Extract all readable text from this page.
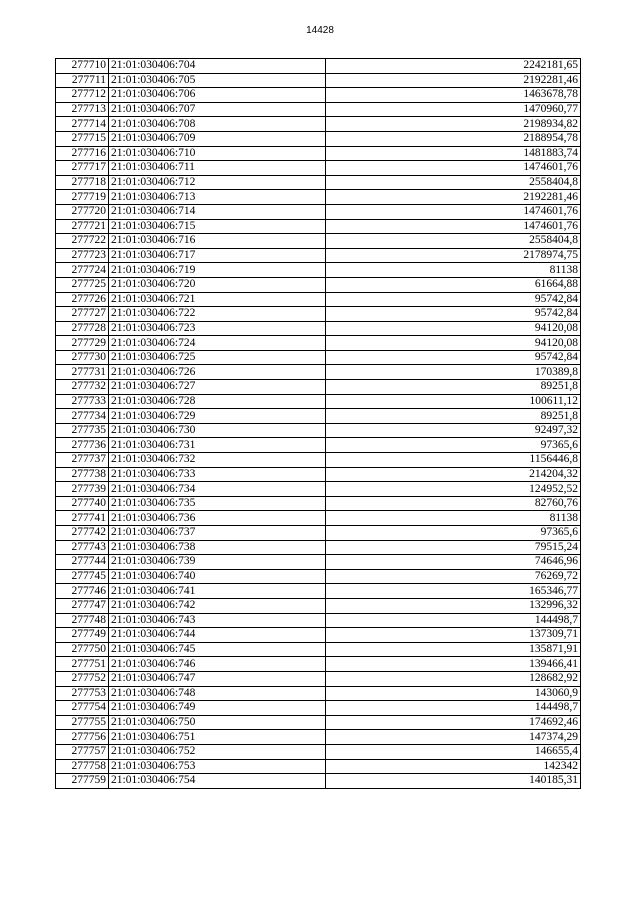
14428
277710	21:01:030406:704	2242181,65
277711	21:01:030406:705	2192281,46
277712	21:01:030406:706	1463678,78
277713	21:01:030406:707	1470960,77
277714	21:01:030406:708	2198934,82
277715	21:01:030406:709	2188954,78
277716	21:01:030406:710	1481883,74
277717	21:01:030406:711	1474601,76
277718	21:01:030406:712	2558404,8
277719	21:01:030406:713	2192281,46
277720	21:01:030406:714	1474601,76
277721	21:01:030406:715	1474601,76
277722	21:01:030406:716	2558404,8
277723	21:01:030406:717	2178974,75
277724	21:01:030406:719	81138
277725	21:01:030406:720	61664,88
277726	21:01:030406:721	95742,84
277727	21:01:030406:722	95742,84
277728	21:01:030406:723	94120,08
277729	21:01:030406:724	94120,08
277730	21:01:030406:725	95742,84
277731	21:01:030406:726	170389,8
277732	21:01:030406:727	89251,8
277733	21:01:030406:728	100611,12
277734	21:01:030406:729	89251,8
277735	21:01:030406:730	92497,32
277736	21:01:030406:731	97365,6
277737	21:01:030406:732	1156446,8
277738	21:01:030406:733	214204,32
277739	21:01:030406:734	124952,52
277740	21:01:030406:735	82760,76
277741	21:01:030406:736	81138
277742	21:01:030406:737	97365,6
277743	21:01:030406:738	79515,24
277744	21:01:030406:739	74646,96
277745	21:01:030406:740	76269,72
277746	21:01:030406:741	165346,77
277747	21:01:030406:742	132996,32
277748	21:01:030406:743	144498,7
277749	21:01:030406:744	137309,71
277750	21:01:030406:745	135871,91
277751	21:01:030406:746	139466,41
277752	21:01:030406:747	128682,92
277753	21:01:030406:748	143060,9
277754	21:01:030406:749	144498,7
277755	21:01:030406:750	174692,46
277756	21:01:030406:751	147374,29
277757	21:01:030406:752	146655,4
277758	21:01:030406:753	142342
277759	21:01:030406:754	140185,31
